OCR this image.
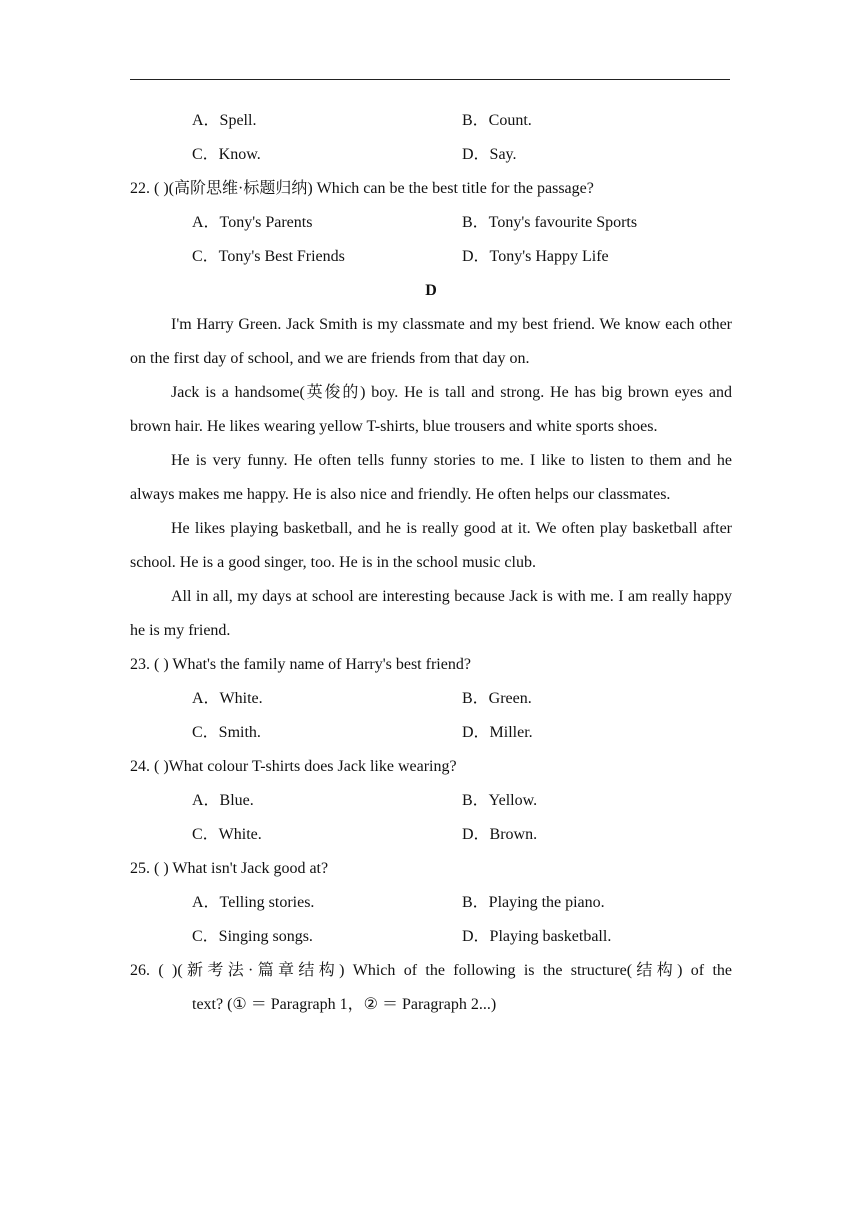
A．Spell.	B．Count.
C．Know.	D．Say.
22. ( )(高阶思维·标题归纳) Which can be the best title for the passage?
A．Tony's Parents	B．Tony's favourite Sports
C．Tony's Best Friends	D．Tony's Happy Life
D

I'm Harry Green. Jack Smith is my classmate and my best friend. We know each other on the first day of school, and we are friends from that day on.

Jack is a handsome(英俊的) boy. He is tall and strong. He has big brown eyes and brown hair. He likes wearing yellow T-shirts, blue trousers and white sports shoes.

He is very funny. He often tells funny stories to me. I like to listen to them and he always makes me happy. He is also nice and friendly. He often helps our classmates.

He likes playing basketball, and he is really good at it. We often play basketball after school. He is a good singer, too. He is in the school music club.

All in all, my days at school are interesting because Jack is with me. I am really happy he is my friend.

23. ( ) What's the family name of Harry's best friend?
A．White.	B．Green.
C．Smith.	D．Miller.
24. ( )What colour T-shirts does Jack like wearing?
A．Blue.	B．Yellow.
C．White.	D．Brown.
25. ( ) What isn't Jack good at?
A．Telling stories.	B．Playing the piano.
C．Singing songs.	D．Playing basketball.
26. ( )(新考法·篇章结构) Which of the following is the structure(结构) of the
text? (① ＝ Paragraph 1，② ＝ Paragraph 2...)
